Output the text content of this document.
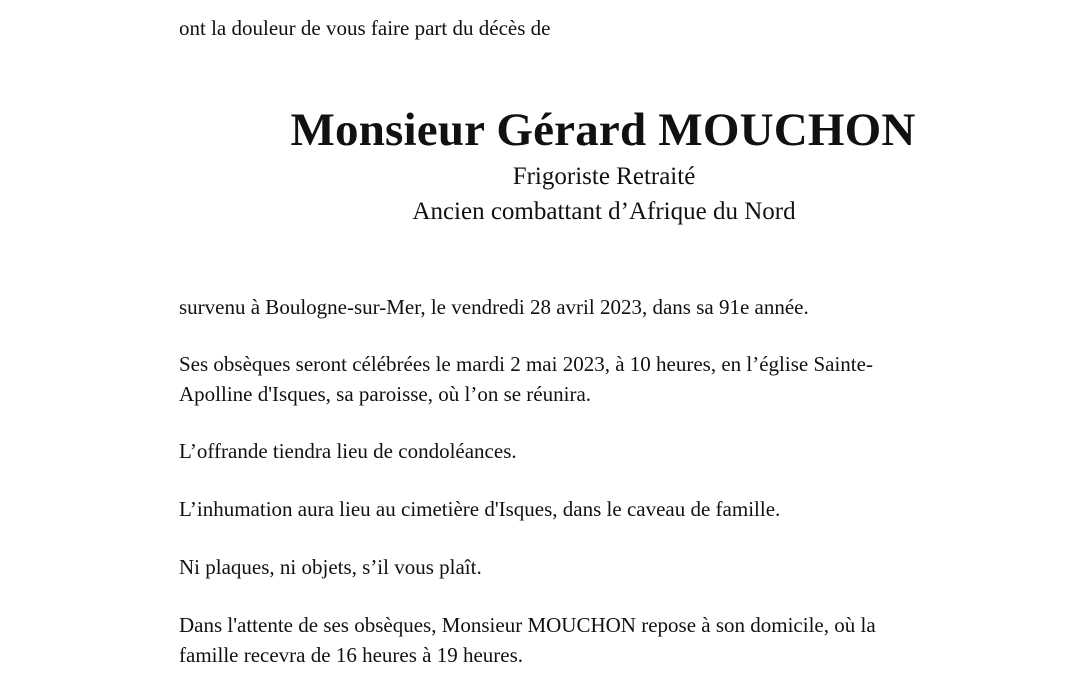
ont la douleur de vous faire part du décès de

Monsieur Gérard MOUCHON

Frigoriste Retraité

Ancien combattant d’Afrique du Nord

survenu à Boulogne-sur-Mer, le vendredi 28 avril 2023, dans sa 91e année.

Ses obsèques seront célébrées le mardi 2 mai 2023, à 10 heures, en l’église Sainte-

Apolline d'Isques, sa paroisse, où l’on se réunira.

L’offrande tiendra lieu de condoléances.

L’inhumation aura lieu au cimetière d'Isques, dans le caveau de famille.

Ni plaques, ni objets, s’il vous plaît.

Dans l'attente de ses obsèques, Monsieur MOUCHON repose à son domicile, où la

famille recevra de 16 heures à 19 heures.
